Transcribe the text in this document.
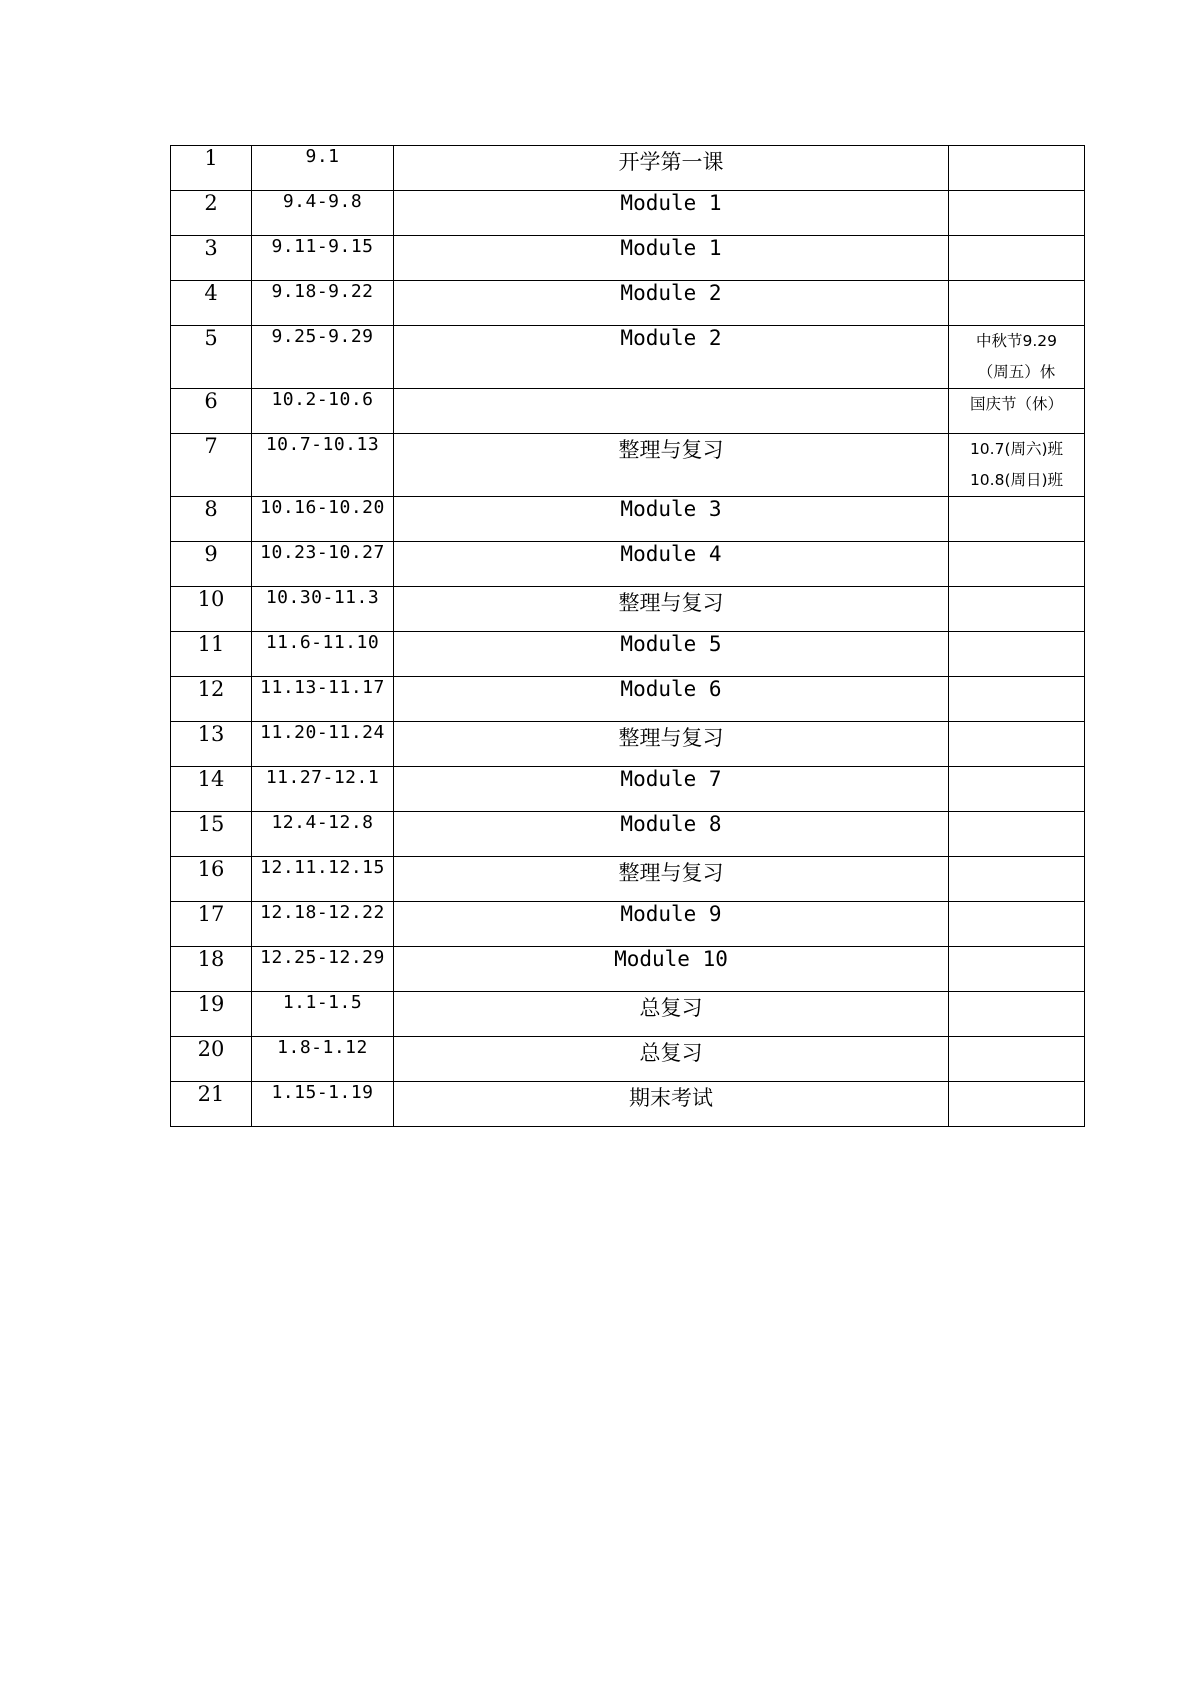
1	9.1	开学第一课	
2	9.4-9.8	Module 1	
3	9.11-9.15	Module 1	
4	9.18-9.22	Module 2	
5	9.25-9.29	Module 2	中秋节9.29
（周五）休

6	10.2-10.6		国庆节（休）

7	10.7-10.13	整理与复习	10.7(周六)班
10.8(周日)班

8	10.16-10.20	Module 3	
9	10.23-10.27	Module 4	
10	10.30-11.3	整理与复习	
11	11.6-11.10	Module 5	
12	11.13-11.17	Module 6	
13	11.20-11.24	整理与复习	
14	11.27-12.1	Module 7	
15	12.4-12.8	Module 8	
16	12.11.12.15	整理与复习	
17	12.18-12.22	Module 9	
18	12.25-12.29	Module 10	
19	1.1-1.5	总复习	
20	1.8-1.12	总复习	
21	1.15-1.19	期末考试	
